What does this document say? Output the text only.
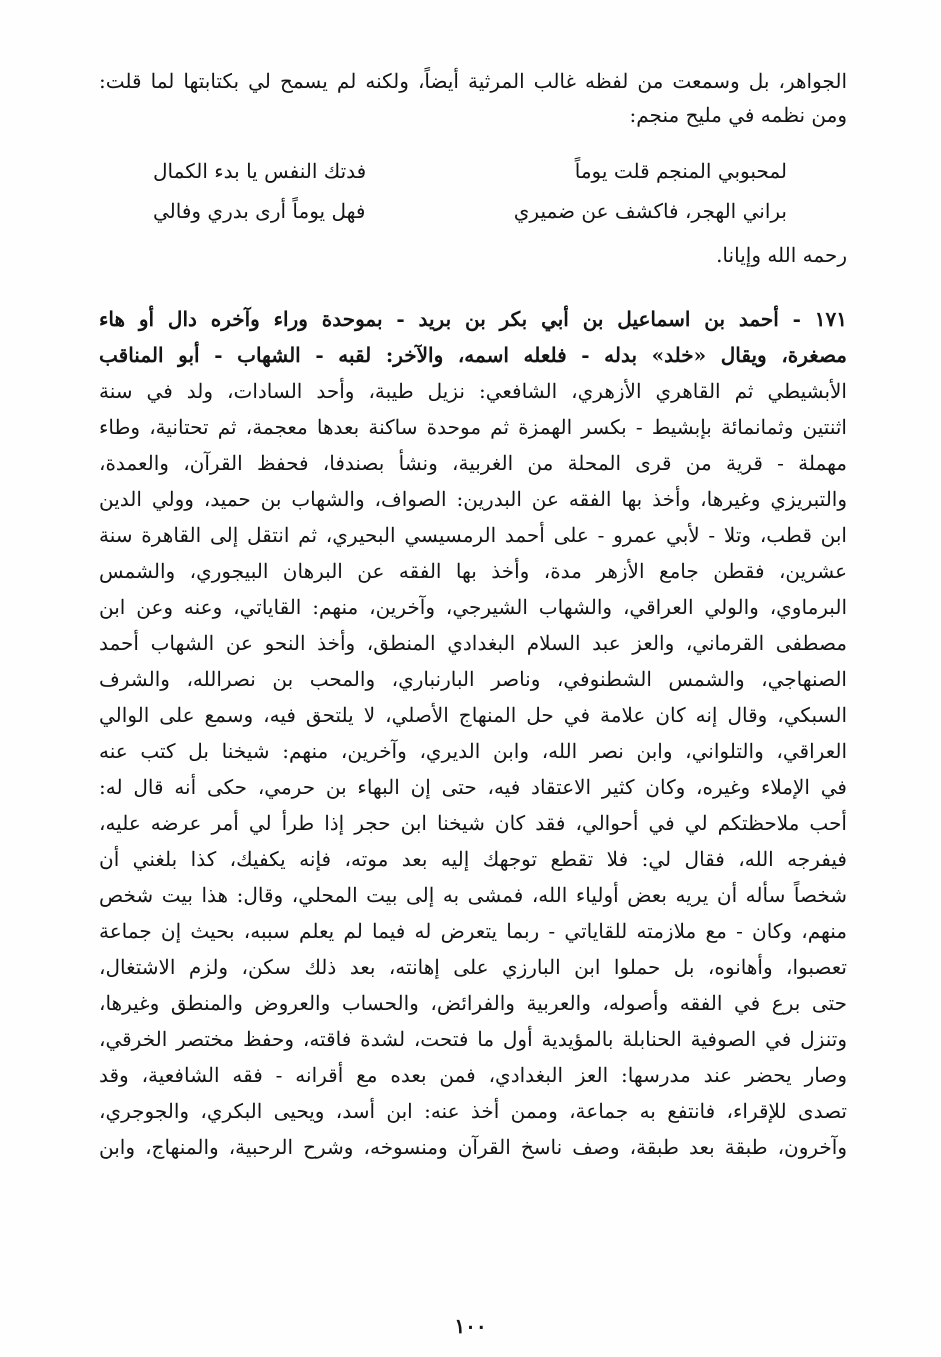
الجواهر، بل وسمعت من لفظه غالب المرثية أيضاً، ولكنه لم يسمح لي بكتابتها لما قلت:
ومن نظمه في مليح منجم:
لمحبوبي المنجم قلت يوماً
فدتك النفس يا بدء الكمال
براني الهجر، فاكشف عن ضميري
فهل يوماً أرى بدري وفالي
رحمه الله وإيانا.
١٧١ - أحمد بن اسماعيل بن أبي بكر بن بريد - بموحدة وراء وآخره دال أو هاء
مصغرة، ويقال «خلد» بدله - فلعله اسمه، والآخر: لقبه - الشهاب - أبو المناقب
الأبشيطي ثم القاهري الأزهري، الشافعي: نزيل طيبة، وأحد السادات، ولد في سنة
اثنتين وثمانمائة بإبشيط - بكسر الهمزة ثم موحدة ساكنة بعدها معجمة، ثم تحتانية، وطاء
مهملة - قرية من قرى المحلة من الغربية، ونشأ بصندفا، فحفظ القرآن، والعمدة،
والتبريزي وغيرها، وأخذ بها الفقه عن البدرين: الصواف، والشهاب بن حميد، وولي الدين
ابن قطب، وتلا - لأبي عمرو - على أحمد الرمسيسي البحيري، ثم انتقل إلى القاهرة سنة
عشرين، فقطن جامع الأزهر مدة، وأخذ بها الفقه عن البرهان البيجوري، والشمس
البرماوي، والولي العراقي، والشهاب الشيرجي، وآخرين، منهم: القاياتي، وعنه وعن ابن
مصطفى القرماني، والعز عبد السلام البغدادي المنطق، وأخذ النحو عن الشهاب أحمد
الصنهاجي، والشمس الشطنوفي، وناصر البارنباري، والمحب بن نصرالله، والشرف
السبكي، وقال إنه كان علامة في حل المنهاج الأصلي، لا يلتحق فيه، وسمع على الوالي
العراقي، والتلواني، وابن نصر الله، وابن الديري، وآخرين، منهم: شيخنا بل كتب عنه
في الإملاء وغيره، وكان كثير الاعتقاد فيه، حتى إن البهاء بن حرمي، حكى أنه قال له:
أحب ملاحظتكم لي في أحوالي، فقد كان شيخنا ابن حجر إذا طرأ لي أمر عرضه عليه،
فيفرجه الله، فقال لي: فلا تقطع توجهك إليه بعد موته، فإنه يكفيك، كذا بلغني أن
شخصاً سأله أن يريه بعض أولياء الله، فمشى به إلى بيت المحلي، وقال: هذا بيت شخص
منهم، وكان - مع ملازمته للقاياتي - ربما يتعرض له فيما لم يعلم سببه، بحيث إن جماعة
تعصبوا، وأهانوه، بل حملوا ابن البارزي على إهانته، بعد ذلك سكن، ولزم الاشتغال،
حتى برع في الفقه وأصوله، والعربية والفرائض، والحساب والعروض والمنطق وغيرها،
وتنزل في الصوفية الحنابلة بالمؤيدية أول ما فتحت، لشدة فاقته، وحفظ مختصر الخرقي،
وصار يحضر عند مدرسها: العز البغدادي، فمن بعده مع أقرانه - فقه الشافعية، وقد
تصدى للإقراء، فانتفع به جماعة، وممن أخذ عنه: ابن أسد، ويحيى البكري، والجوجري،
وآخرون، طبقة بعد طبقة، وصف ناسخ القرآن ومنسوخه، وشرح الرحبية، والمنهاج، وابن
١٠٠
